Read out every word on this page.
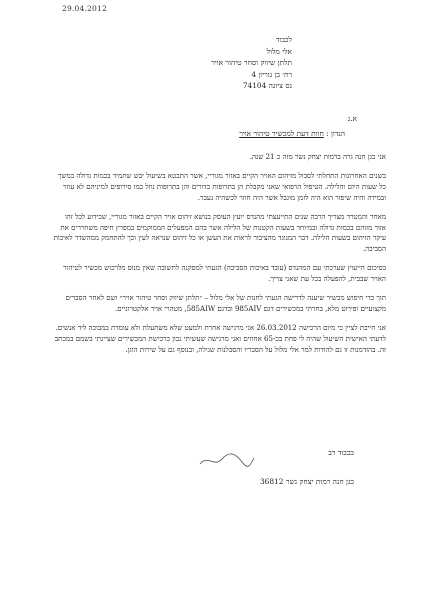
29.04.2012
לכבוד
אלי מלול
תלתן שיווק וסחר טיהור אויר
רח׳ בן גוריון 4
נס ציונה 74104
א.נ
הנדון : חוות דעת למכשיר טיהור אויר

אני כגן חנה גרה ברמות יצחק נשר מזה כ 21 שנה.

בשנים האחרונות התחלתי לסבול מזיהום האויר הקיים באזור מגוריי, אשר התבטא בשיעול יבש שתמיד בכמות גדולה במשך כל שעות היום והלילה. הטיפול הרפואי שאני מקבלת הן בתרופות כדורים והן בתרופות נוזל כמו סירופים למיניהם לא עוזר ובמידה והיה שיפור הוא היה לזמן מוגבל אשר היה חוזר לכשהיה נעבר.

מאחר והמטרד מצריך הרבה שנים התייעצתי מהנדס יועץ העוסק בנושא זיהום אויר הקיים באזור מגוריי, שכידוע לכל זהו אזור מזוהם בכמות גדולה ובמיוחד בשעות הקטנות של הלילה אשר בהם המפעלים הממוקמים במפרץ חיפה משחררים את עיקר הזיהום בשעות הלילה. דבר המנוגד מהציבור לראות את העשן או כל זיהום שנראה לעין וכך להתחמק ממהשדר לאיכות הסביבה.

בסיכום הייעוץ שערכתי עם המהנדס (עובד באיכות הסביבה) הגעתי למסקנה לתשובה שאין מנוס מלרכוש מכשיר לטיהור האויר שבבית, להפעלה בכל עת שאני צריך.

תוך כדי חיפוש מכשיר שיענה לדרישה הגעתי לחנות של אלי מלול – ״תלתן שיווק וסחר טיהור אויר״ ושם לאחר הסברים מקצועיים ופירוט מלא, בחרתי במכשירים דגם 985AIV ובדגם 585AIW, מטהרי אויר אלקטרוניים.

אני חייבת לציין כי מיום הרכישה 26.03.2012 אני מרגישה אחרת ולמעט שלא משתעלת ולא עומדת במבוכה ליד אנשים. לדעתי האישית השיעול שהיה לי פחת בכ-65 אחוזים ואני מרגישה שעשיתי נכון ברכישת המכשירים שציינתי בשמם במכתב זה. בהזדמנות זו גם להודות למר אלי מלול על הסבריו והסבלנות שגילה, ובנוסף גם על שירות הוגן.

בכבוד רב
כגן חנה רמות יצחק נשר 36812
